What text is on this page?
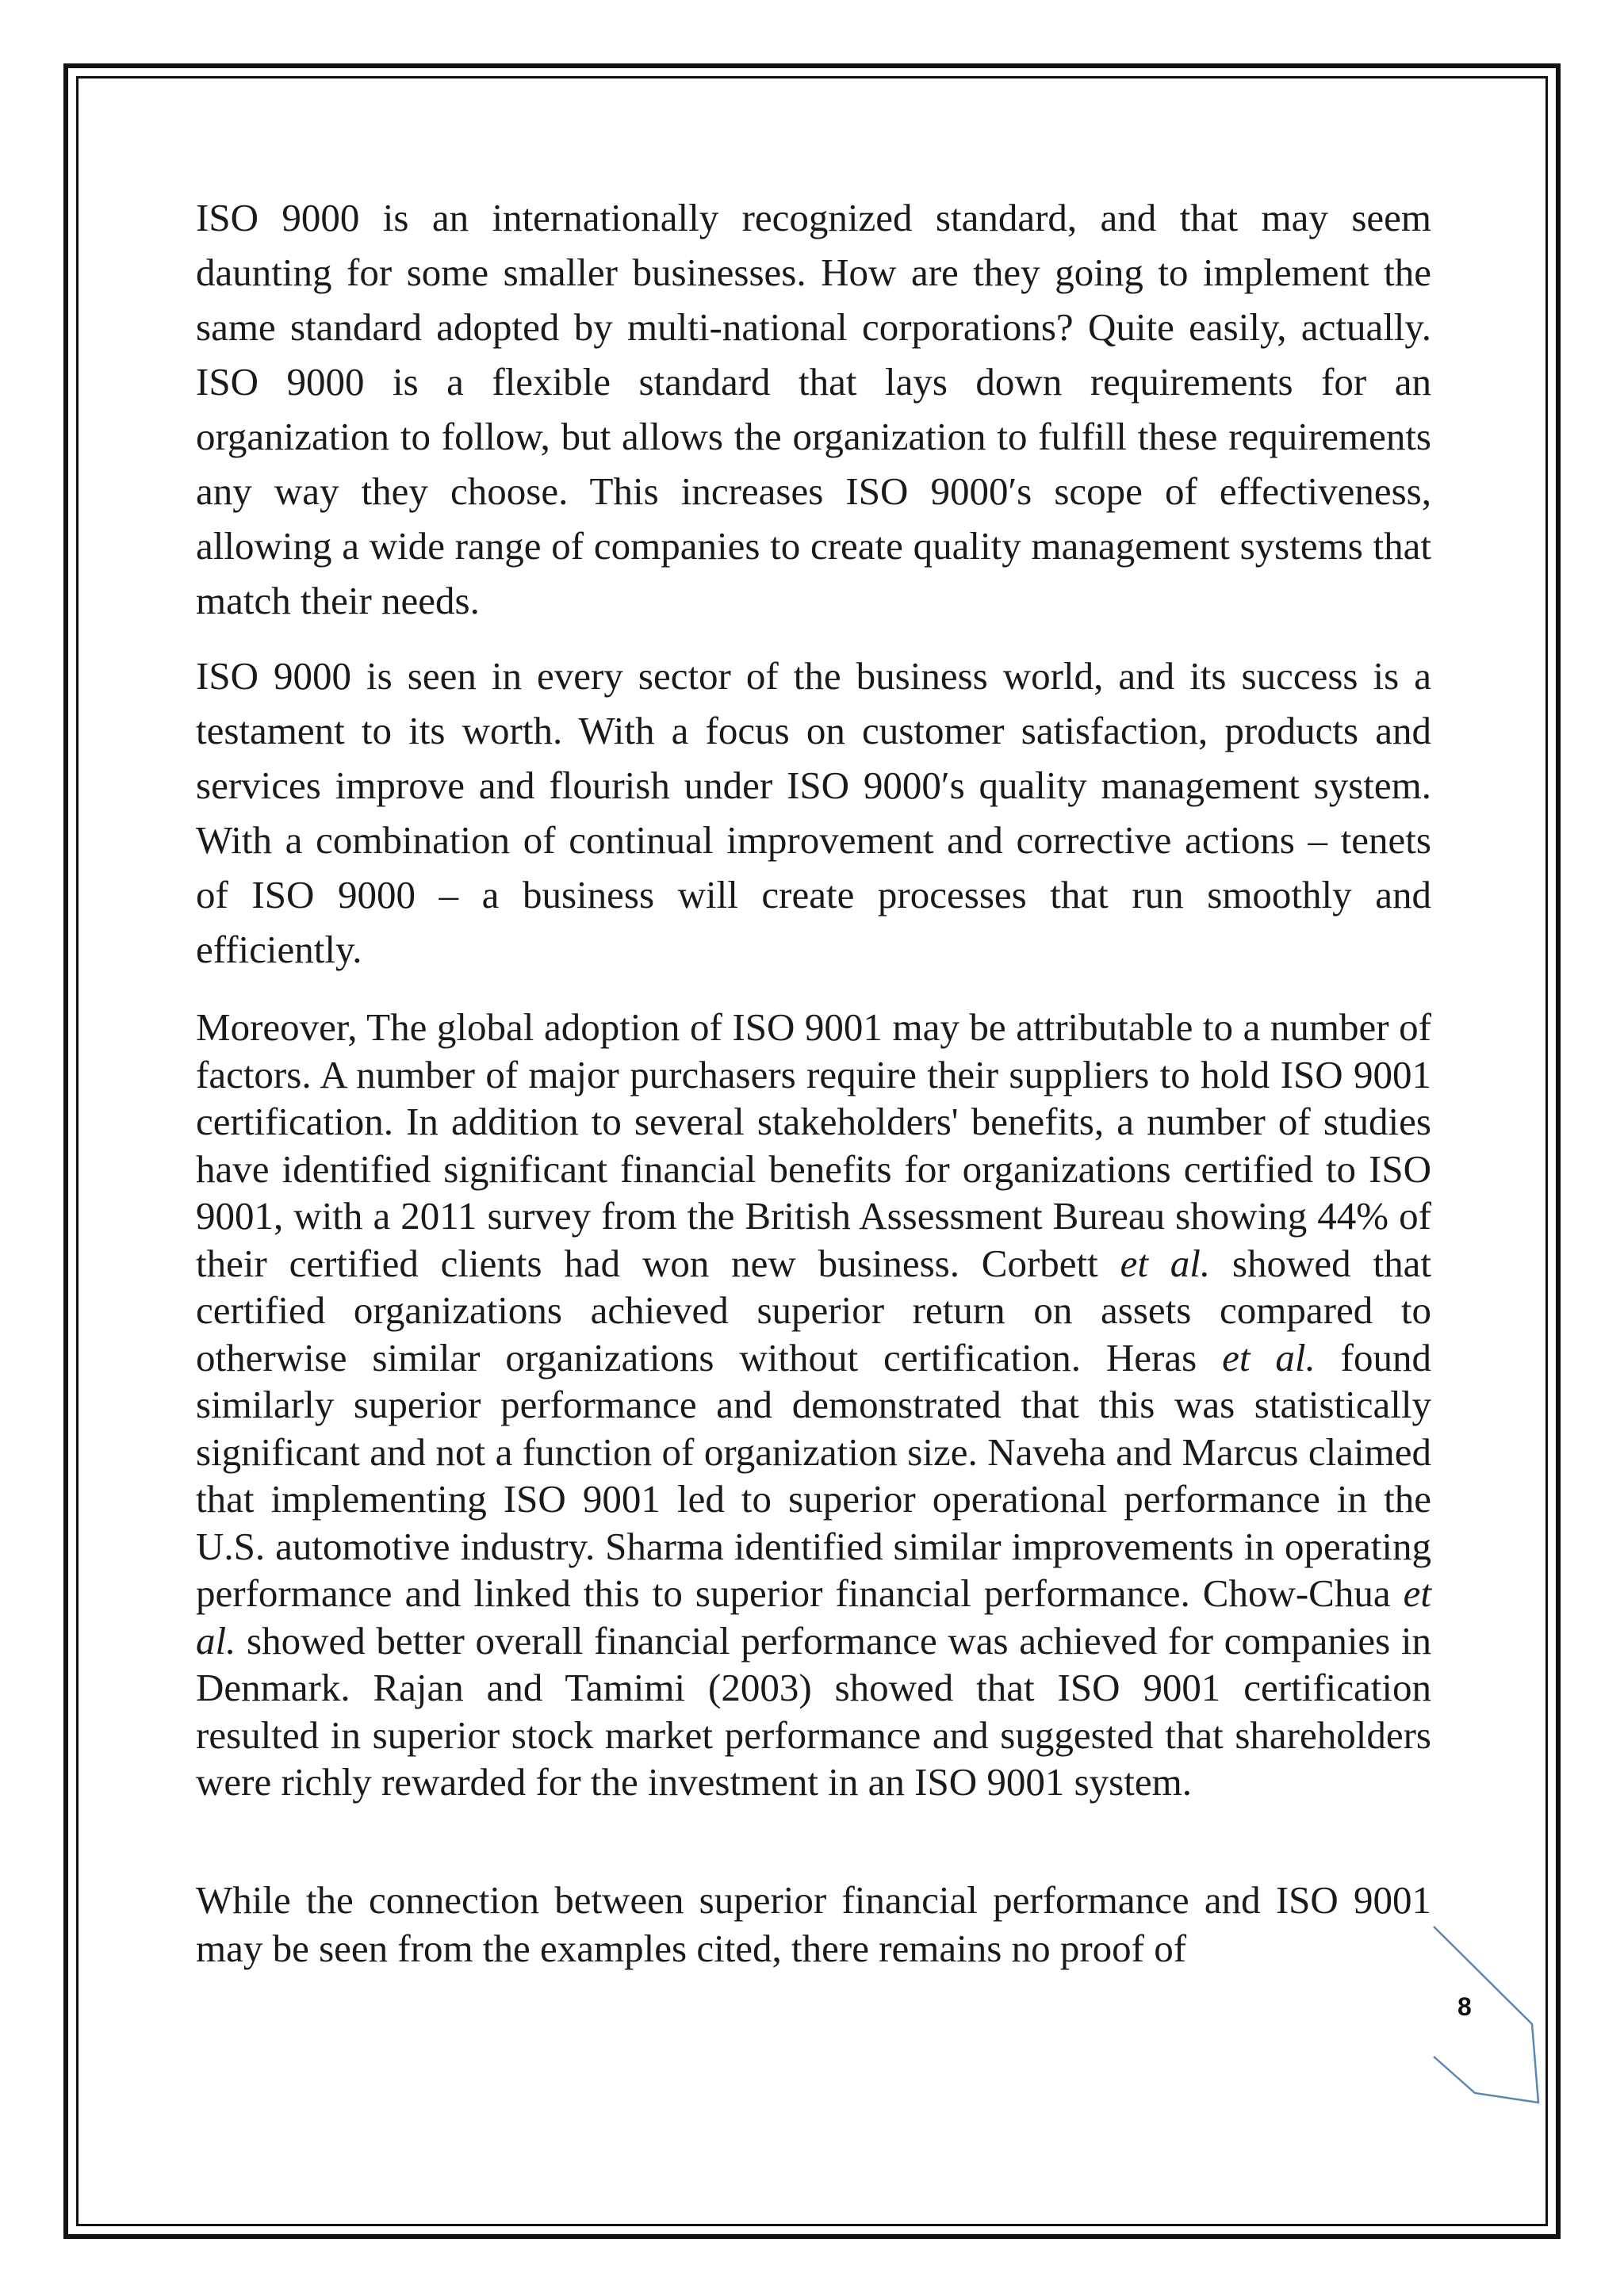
ISO 9000 is an internationally recognized standard, and that may seem daunting for some smaller businesses. How are they going to implement the same standard adopted by multi-national corporations? Quite easily, actually. ISO 9000 is a flexible standard that lays down requirements for an organization to follow, but allows the organization to fulfill these requirements any way they choose. This increases ISO 9000′s scope of effectiveness, allowing a wide range of companies to create quality management systems that match their needs.

ISO 9000 is seen in every sector of the business world, and its success is a testament to its worth. With a focus on customer satisfaction, products and services improve and flourish under ISO 9000′s quality management system. With a combination of continual improvement and corrective actions – tenets of ISO 9000 – a business will create processes that run smoothly and efficiently.

Moreover, The global adoption of ISO 9001 may be attributable to a number of factors. A number of major purchasers require their suppliers to hold ISO 9001 certification. In addition to several stakeholders' benefits, a number of studies have identified significant financial benefits for organizations certified to ISO 9001, with a 2011 survey from the British Assessment Bureau showing 44% of their certified clients had won new business. Corbett et al. showed that certified organizations achieved superior return on assets compared to otherwise similar organizations without certification. Heras et al. found similarly superior performance and demonstrated that this was statistically significant and not a function of organization size. Naveha and Marcus claimed that implementing ISO 9001 led to superior operational performance in the U.S. automotive industry. Sharma identified similar improvements in operating performance and linked this to superior financial performance. Chow-Chua et al. showed better overall financial performance was achieved for companies in Denmark. Rajan and Tamimi (2003) showed that ISO 9001 certification resulted in superior stock market performance and suggested that shareholders were richly rewarded for the investment in an ISO 9001 system.

While the connection between superior financial performance and ISO 9001 may be seen from the examples cited, there remains no proof of

8
